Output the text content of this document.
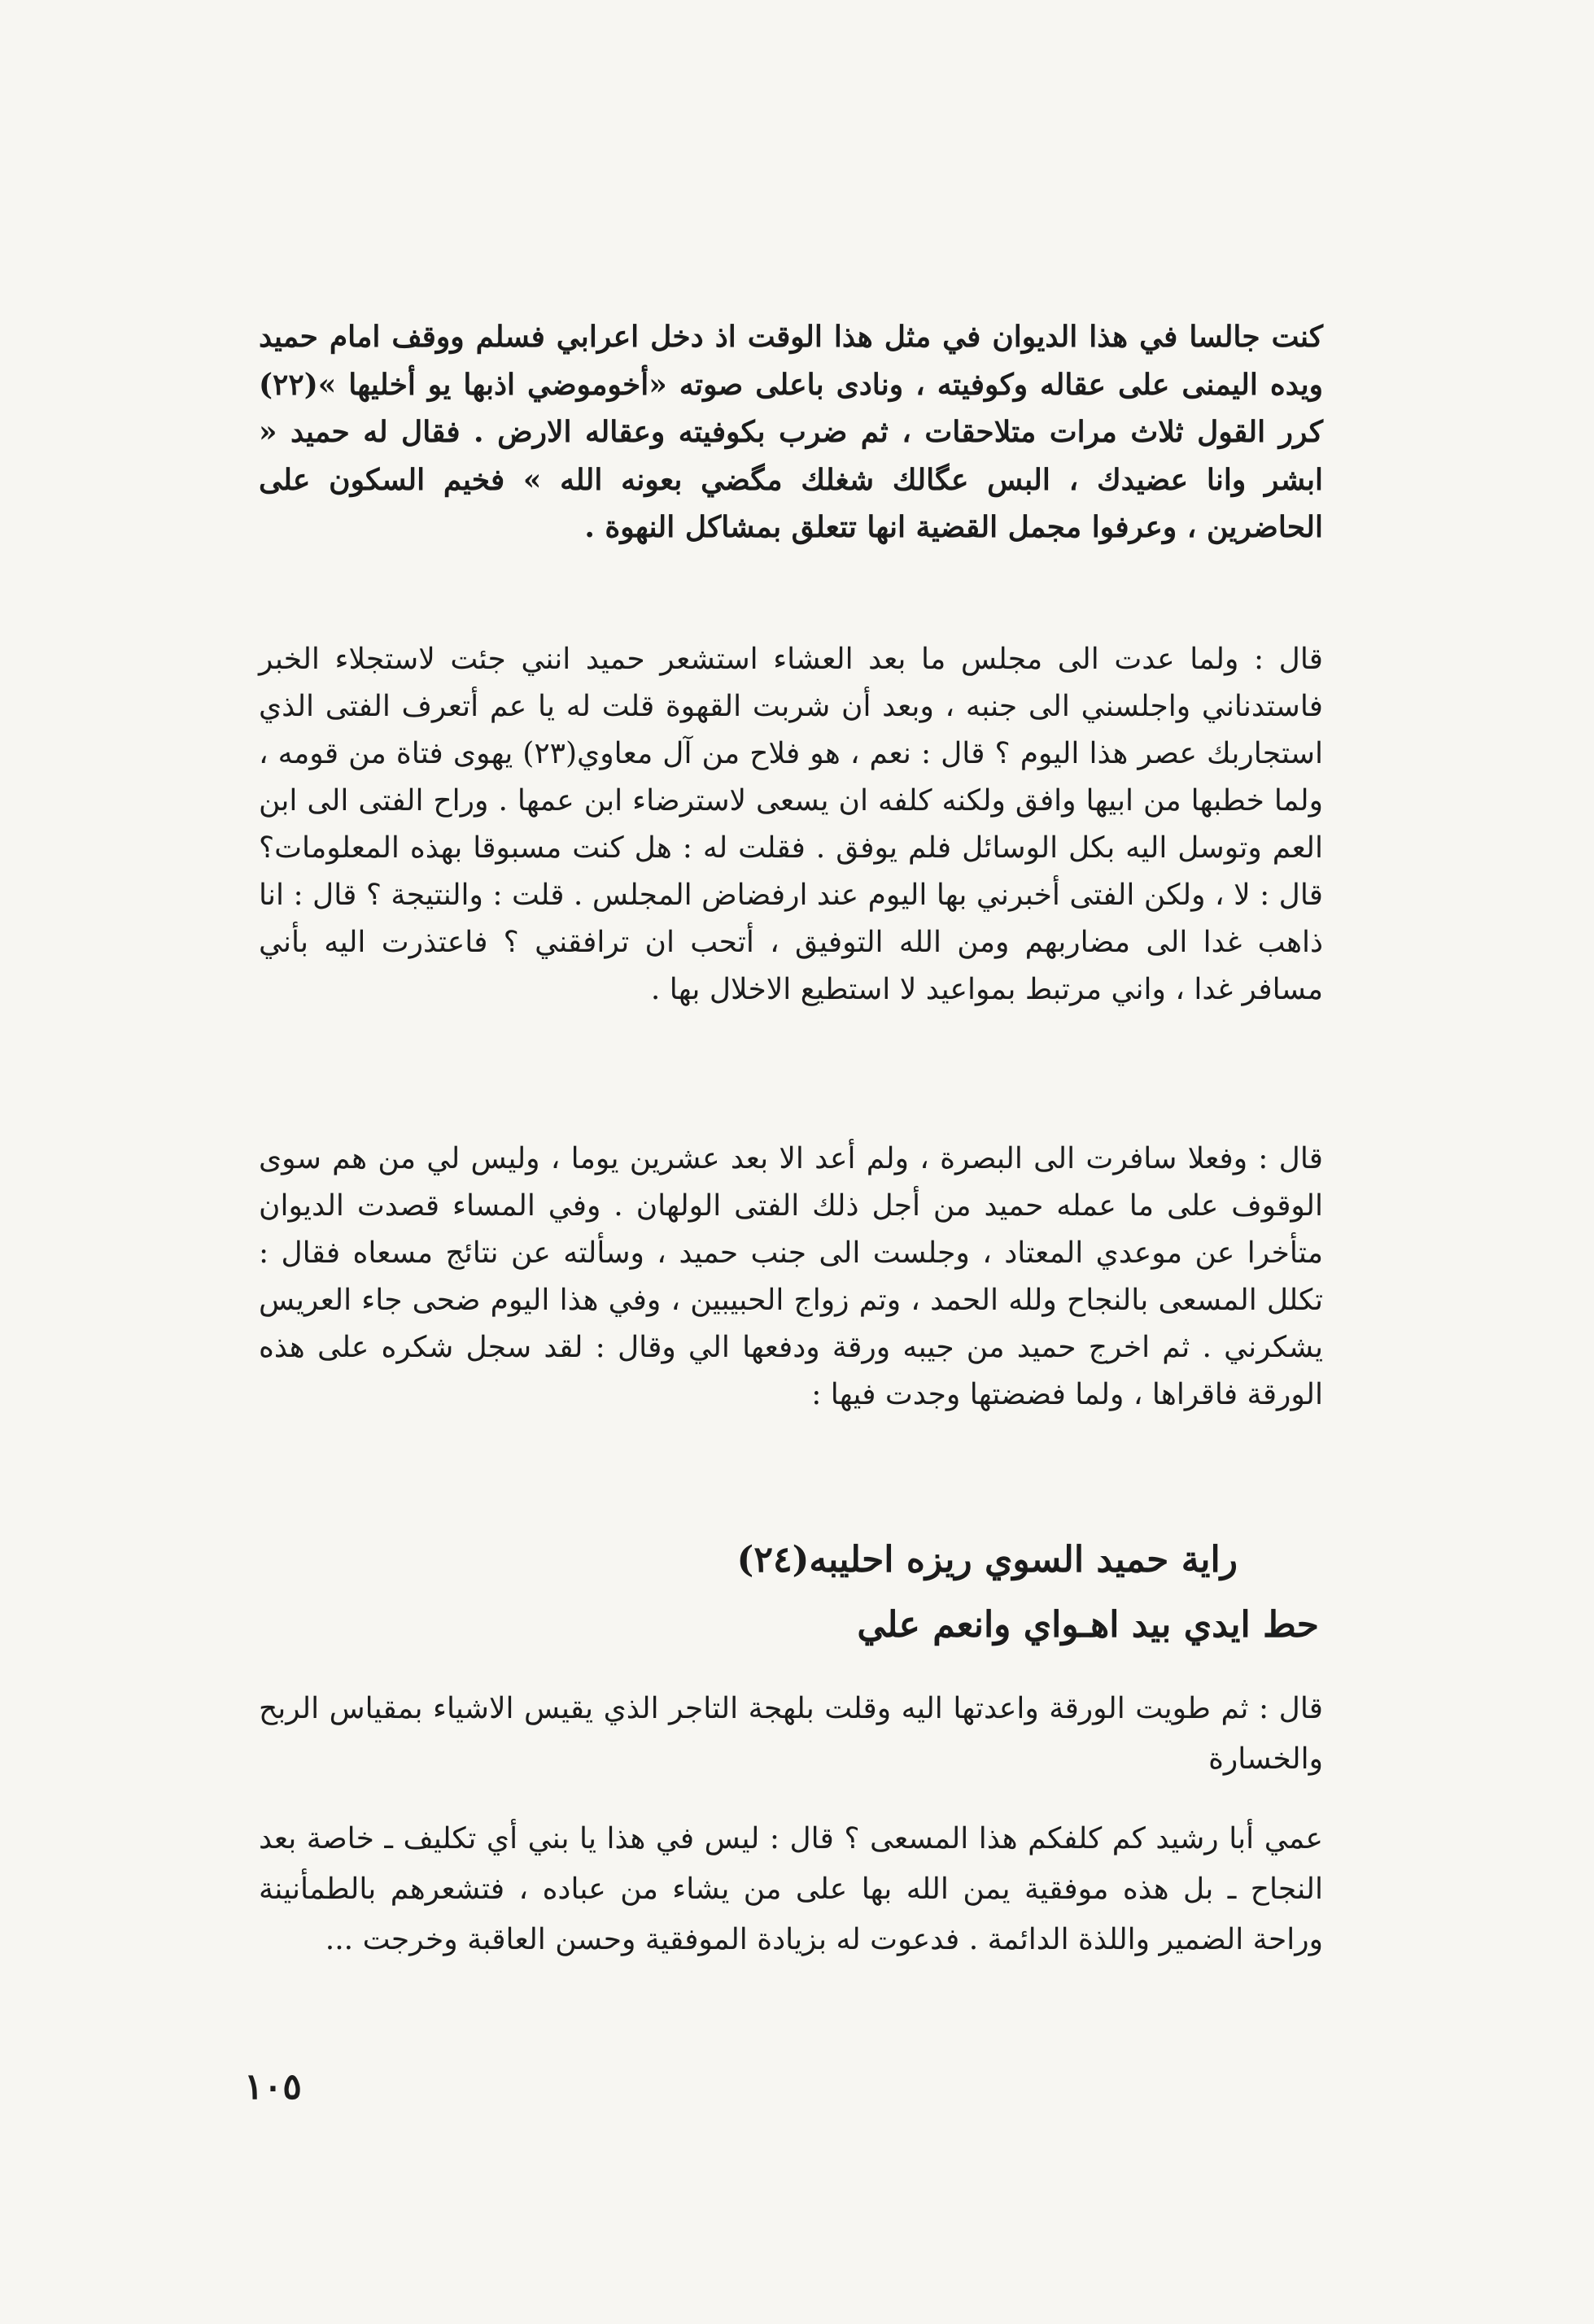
كنت جالسا في هذا الديوان في مثل هذا الوقت اذ دخل اعرابي فسلم ووقف امام حميد ويده اليمنى على عقاله وكوفيته ، ونادى باعلى صوته «أخوموضي اذبها يو أخليها »(٢٢) كرر القول ثلاث مرات متلاحقات ، ثم ضرب بكوفيته وعقاله الارض . فقال له حميد « ابشر وانا عضيدك ، البس عگالك شغلك مگضي بعونه الله » فخيم السكون على الحاضرين ، وعرفوا مجمل القضية انها تتعلق بمشاكل النهوة .

قال : ولما عدت الى مجلس ما بعد العشاء استشعر حميد انني جئت لاستجلاء الخبر فاستدناني واجلسني الى جنبه ، وبعد أن شربت القهوة قلت له يا عم أتعرف الفتى الذي استجاربك عصر هذا اليوم ؟ قال : نعم ، هو فلاح من آل معاوي(٢٣) يهوى فتاة من قومه ، ولما خطبها من ابيها وافق ولكنه كلفه ان يسعى لاسترضاء ابن عمها . وراح الفتى الى ابن العم وتوسل اليه بكل الوسائل فلم يوفق . فقلت له : هل كنت مسبوقا بهذه المعلومات؟ قال : لا ، ولكن الفتى أخبرني بها اليوم عند ارفضاض المجلس . قلت : والنتيجة ؟ قال : انا ذاهب غدا الى مضاربهم ومن الله التوفيق ، أتحب ان ترافقني ؟ فاعتذرت اليه بأني مسافر غدا ، واني مرتبط بمواعيد لا استطيع الاخلال بها .

قال : وفعلا سافرت الى البصرة ، ولم أعد الا بعد عشرين يوما ، وليس لي من هم سوى الوقوف على ما عمله حميد من أجل ذلك الفتى الولهان . وفي المساء قصدت الديوان متأخرا عن موعدي المعتاد ، وجلست الى جنب حميد ، وسألته عن نتائج مسعاه فقال : تكلل المسعى بالنجاح ولله الحمد ، وتم زواج الحبيبين ، وفي هذا اليوم ضحى جاء العريس يشكرني . ثم اخرج حميد من جيبه ورقة ودفعها الي وقال : لقد سجل شكره على هذه الورقة فاقراها ، ولما فضضتها وجدت فيها :

راية حميد السوي ريزه احليبه(٢٤)
حط ايدي بيد اهـواي وانعم علي

قال : ثم طويت الورقة واعدتها اليه وقلت بلهجة التاجر الذي يقيس الاشياء بمقياس الربح والخسارة

عمي أبا رشيد كم كلفكم هذا المسعى ؟ قال : ليس في هذا يا بني أي تكليف ـ خاصة بعد النجاح ـ بل هذه موفقية يمن الله بها على من يشاء من عباده ، فتشعرهم بالطمأنينة وراحة الضمير واللذة الدائمة . فدعوت له بزيادة الموفقية وحسن العاقبة وخرجت ...

١٠٥
